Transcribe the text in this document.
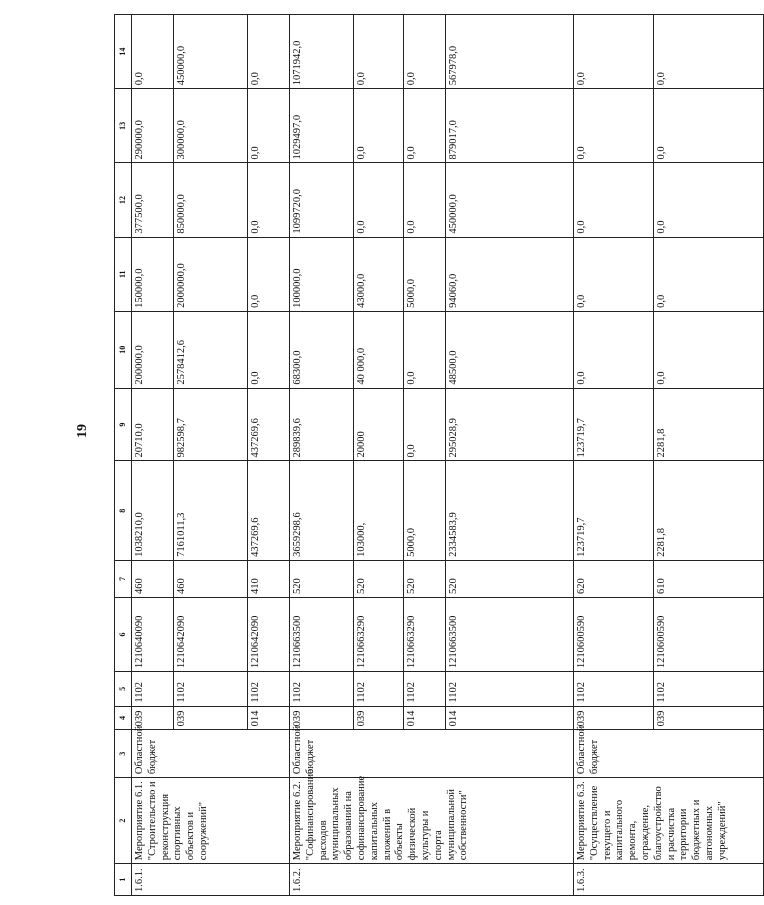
19
1	2	3	4	5	6	7	8	9	10	11	12	13	14
1.6.1.	Мероприятие 6.1. "Строительство и реконструкция спортивных объектов и сооружений"	Областной бюджет	039	1102	1210640090	460	1038210,0	20710,0	200000,0	150000,0	377500,0	290000,0	0,0
			039	1102	1210642090	460	7161011,3	982598,7	2578412,6	2000000,0	850000,0	300000,0	450000,0
			014	1102	1210642090	410	437269,6	437269,6	0,0	0,0	0,0	0,0	0,0
1.6.2.	Мероприятие 6.2. "Софинансирование расходов муниципальных образований на софинансирование капитальных вложений в объекты физической культуры и спорта муниципальной собственности"	Областной бюджет	039	1102	1210663500	520	3659298,6	289839,6	68300,0	100000,0	1099720,0	1029497,0	1071942,0
			039	1102	1210663290	520	103000,	20000	40 000,0	43000,0	0,0	0,0	0,0
			014	1102	1210663290	520	5000,0	0,0	0,0	5000,0	0,0	0,0	0,0
			014	1102	1210663500	520	2334583,9	295028,9	48500,0	94060,0	450000,0	879017,0	567978,0
1.6.3.	Мероприятие 6.3. "Осуществление текущего и капитального ремонта, ограждение, благоустройство и расчистка территории бюджетных и автономных учреждений"	Областной бюджет	039	1102	1210600590	620	123719,7	123719,7	0,0	0,0	0,0	0,0	0,0
			039	1102	1210600590	610	2281,8	2281,8	0,0	0,0	0,0	0,0	0,0
